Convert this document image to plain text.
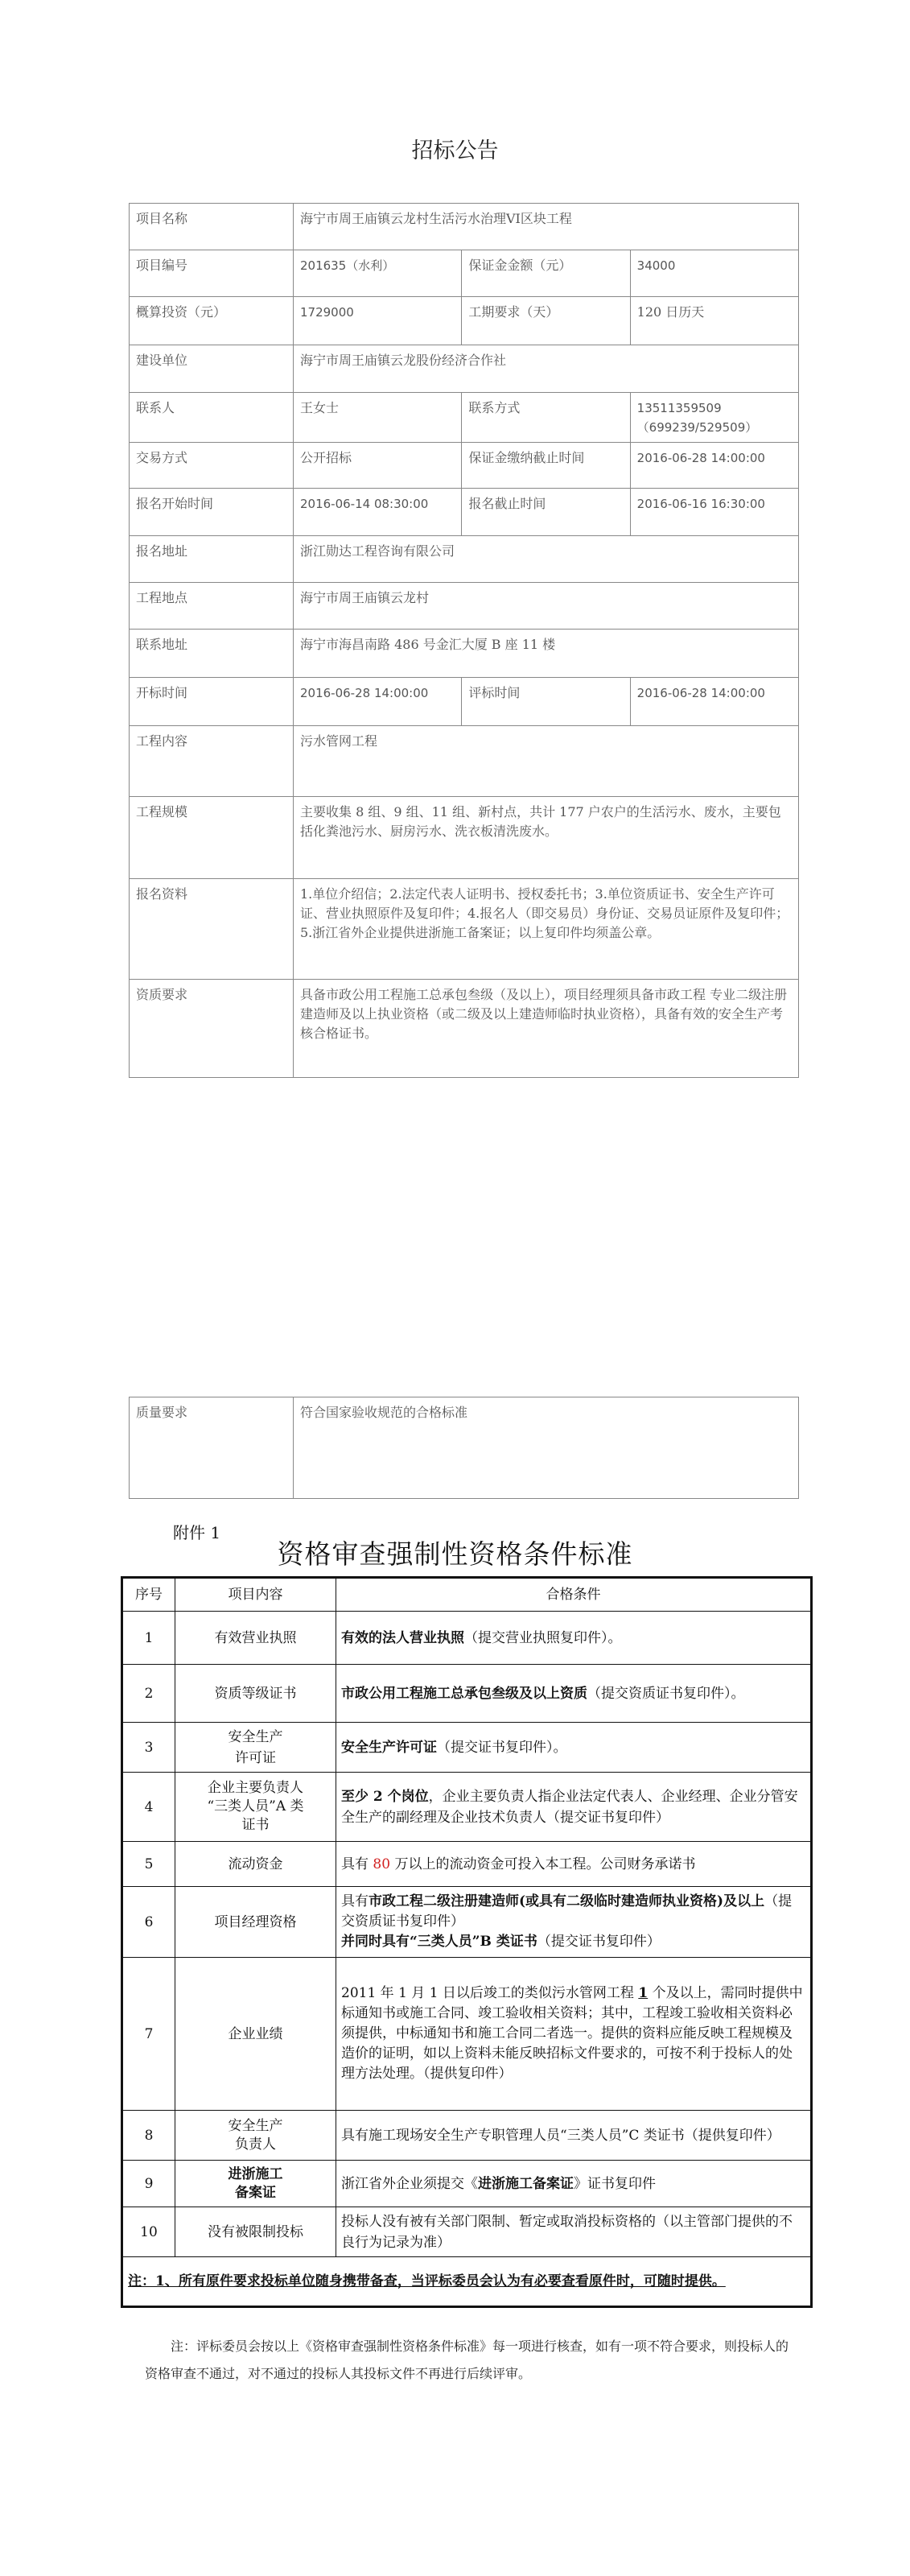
招标公告
项目名称	海宁市周王庙镇云龙村生活污水治理VI区块工程		
项目编号	201635（水利）	保证金金额（元）	34000
概算投资（元）	1729000	工期要求（天）	120 日历天
建设单位	海宁市周王庙镇云龙股份经济合作社		
联系人	王女士	联系方式	13511359509
（699239/529509）

交易方式	公开招标	保证金缴纳截止时间	2016-06-28 14:00:00
报名开始时间	2016-06-14 08:30:00	报名截止时间	2016-06-16 16:30:00
报名地址	浙江勋达工程咨询有限公司		
工程地点	海宁市周王庙镇云龙村		
联系地址	海宁市海昌南路 486 号金汇大厦 B 座 11 楼		
开标时间	2016-06-28 14:00:00	评标时间	2016-06-28 14:00:00
工程内容	污水管网工程		
工程规模	主要收集 8 组、9 组、11 组、新村点，共计 177 户农户的生活污水、废水，主要包括化粪池污水、厨房污水、洗衣板清洗废水。		
报名资料	1.单位介绍信；2.法定代表人证明书、授权委托书；3.单位资质证书、安全生产许可证、营业执照原件及复印件；4.报名人（即交易员）身份证、交易员证原件及复印件；5.浙江省外企业提供进浙施工备案证；以上复印件均须盖公章。		
资质要求	具备市政公用工程施工总承包叁级（及以上），项目经理须具备市政工程 专业二级注册建造师及以上执业资格（或二级及以上建造师临时执业资格），具备有效的安全生产考核合格证书。		
质量要求	符合国家验收规范的合格标准
附件 1
资格审查强制性资格条件标准
序号	项目内容	合格条件
1	有效营业执照	有效的法人营业执照（提交营业执照复印件）。
2	资质等级证书	市政公用工程施工总承包叁级及以上资质（提交资质证书复印件）。
3	安全生产
许可证	安全生产许可证（提交证书复印件）。
4	企业主要负责人
“三类人员”A 类
证书	至少 2 个岗位，企业主要负责人指企业法定代表人、企业经理、企业分管安全生产的副经理及企业技术负责人（提交证书复印件）
5	流动资金	具有 80 万以上的流动资金可投入本工程。公司财务承诺书
6	项目经理资格	具有市政工程二级注册建造师(或具有二级临时建造师执业资格)及以上（提交资质证书复印件）
并同时具有“三类人员”B 类证书（提交证书复印件）
7	企业业绩	2011 年 1 月 1 日以后竣工的类似污水管网工程 1 个及以上，需同时提供中标通知书或施工合同、竣工验收相关资料；其中，工程竣工验收相关资料必须提供，中标通知书和施工合同二者选一。提供的资料应能反映工程规模及造价的证明，如以上资料未能反映招标文件要求的，可按不利于投标人的处理方法处理。（提供复印件）
8	安全生产
负责人	具有施工现场安全生产专职管理人员“三类人员”C 类证书（提供复印件）
9	进浙施工
备案证	浙江省外企业须提交《进浙施工备案证》证书复印件
10	没有被限制投标	投标人没有被有关部门限制、暂定或取消投标资格的（以主管部门提供的不良行为记录为准）
注：1、所有原件要求投标单位随身携带备查，当评标委员会认为有必要查看原件时，可随时提供。		
注：评标委员会按以上《资格审查强制性资格条件标准》每一项进行核查，如有一项不符合要求，则投标人的资格审查不通过，对不通过的投标人其投标文件不再进行后续评审。
